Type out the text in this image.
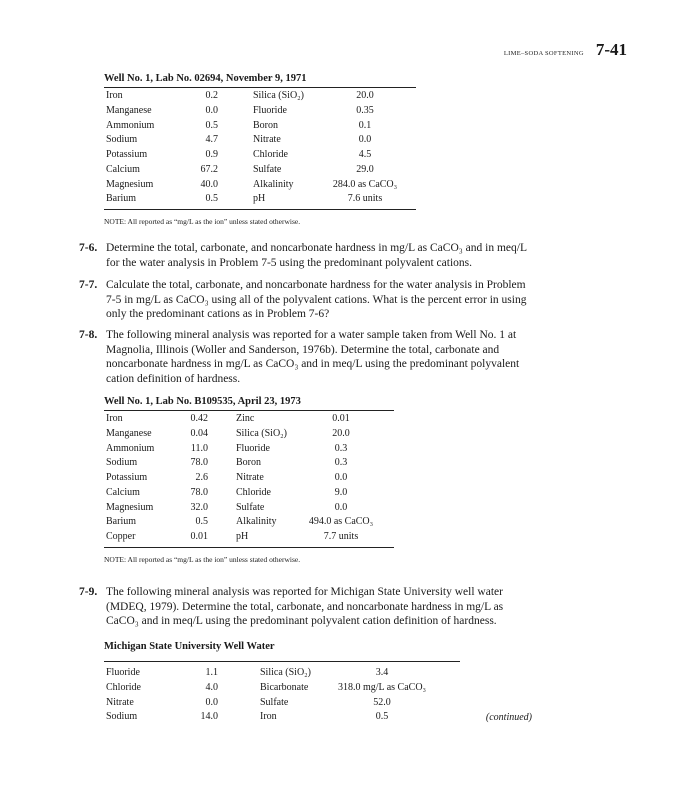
LIME–SODA SOFTENING 7-41
Well No. 1, Lab No. 02694, November 9, 1971
Iron	0.2	Silica (SiO₂)	20.0
Manganese	0.0	Fluoride	0.35
Ammonium	0.5	Boron	0.1
Sodium	4.7	Nitrate	0.0
Potassium	0.9	Chloride	4.5
Calcium	67.2	Sulfate	29.0
Magnesium	40.0	Alkalinity	284.0 as CaCO₃
Barium	0.5	pH	7.6 units
NOTE: All reported as “mg/L as the ion” unless stated otherwise.
7-6. Determine the total, carbonate, and noncarbonate hardness in mg/L as CaCO₃ and in meq/L for the water analysis in Problem 7-5 using the predominant polyvalent cations.
7-7. Calculate the total, carbonate, and noncarbonate hardness for the water analysis in Problem 7-5 in mg/L as CaCO₃ using all of the polyvalent cations. What is the percent error in using only the predominant cations as in Problem 7-6?
7-8. The following mineral analysis was reported for a water sample taken from Well No. 1 at Magnolia, Illinois (Woller and Sanderson, 1976b). Determine the total, carbonate and noncarbonate hardness in mg/L as CaCO₃ and in meq/L using the predominant polyvalent cation definition of hardness.
Well No. 1, Lab No. B109535, April 23, 1973
Iron	0.42	Zinc	0.01
Manganese	0.04	Silica (SiO₂)	20.0
Ammonium	11.0	Fluoride	0.3
Sodium	78.0	Boron	0.3
Potassium	2.6	Nitrate	0.0
Calcium	78.0	Chloride	9.0
Magnesium	32.0	Sulfate	0.0
Barium	0.5	Alkalinity	494.0 as CaCO₃
Copper	0.01	pH	7.7 units
NOTE: All reported as “mg/L as the ion” unless stated otherwise.
7-9. The following mineral analysis was reported for Michigan State University well water (MDEQ, 1979). Determine the total, carbonate, and noncarbonate hardness in mg/L as CaCO₃ and in meq/L using the predominant polyvalent cation definition of hardness.
Michigan State University Well Water
Fluoride	1.1	Silica (SiO₂)	3.4
Chloride	4.0	Bicarbonate	318.0 mg/L as CaCO₃
Nitrate	0.0	Sulfate	52.0
Sodium	14.0	Iron	0.5	(continued)
